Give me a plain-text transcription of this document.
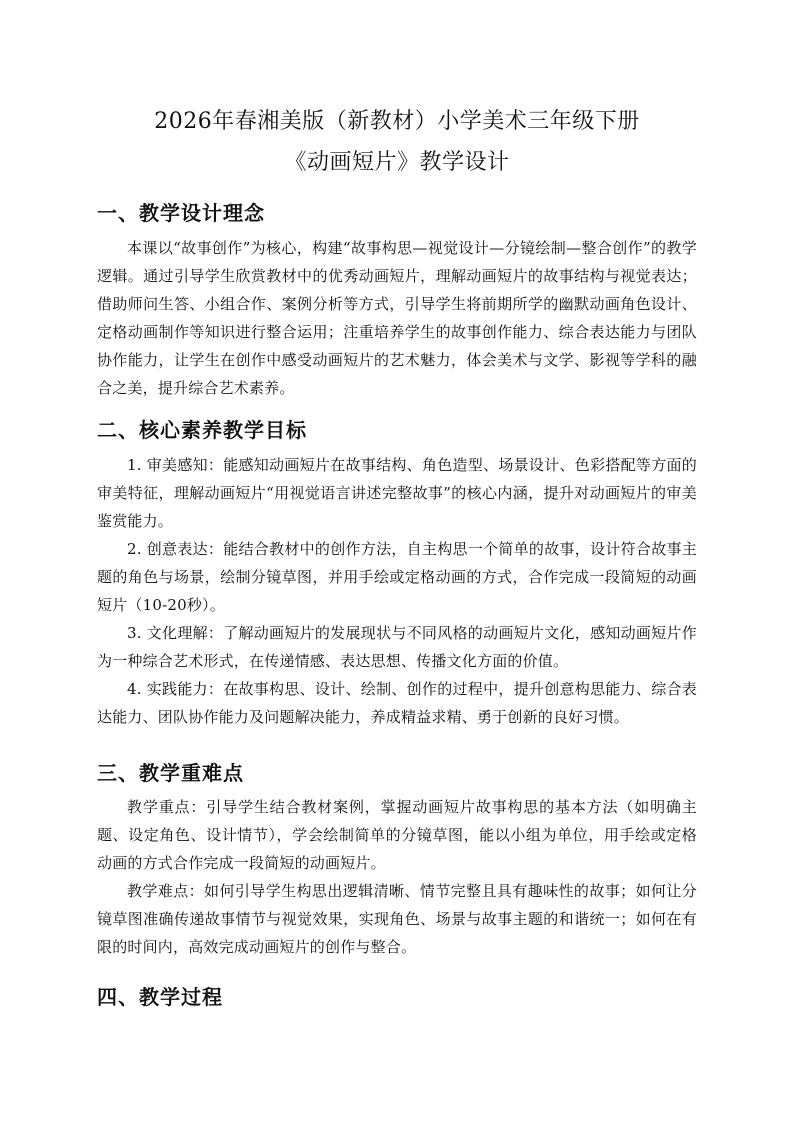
2026年春湘美版（新教材）小学美术三年级下册
《动画短片》教学设计
一、教学设计理念
本课以“故事创作”为核心，构建“故事构思—视觉设计—分镜绘制—整合创作”的教学逻辑。通过引导学生欣赏教材中的优秀动画短片，理解动画短片的故事结构与视觉表达；借助师问生答、小组合作、案例分析等方式，引导学生将前期所学的幽默动画角色设计、定格动画制作等知识进行整合运用；注重培养学生的故事创作能力、综合表达能力与团队协作能力，让学生在创作中感受动画短片的艺术魅力，体会美术与文学、影视等学科的融合之美，提升综合艺术素养。
二、核心素养教学目标
1. 审美感知：能感知动画短片在故事结构、角色造型、场景设计、色彩搭配等方面的审美特征，理解动画短片“用视觉语言讲述完整故事”的核心内涵，提升对动画短片的审美鉴赏能力。
2. 创意表达：能结合教材中的创作方法，自主构思一个简单的故事，设计符合故事主题的角色与场景，绘制分镜草图，并用手绘或定格动画的方式，合作完成一段简短的动画短片（10-20秒）。
3. 文化理解：了解动画短片的发展现状与不同风格的动画短片文化，感知动画短片作为一种综合艺术形式，在传递情感、表达思想、传播文化方面的价值。
4. 实践能力：在故事构思、设计、绘制、创作的过程中，提升创意构思能力、综合表达能力、团队协作能力及问题解决能力，养成精益求精、勇于创新的良好习惯。
三、教学重难点
教学重点：引导学生结合教材案例，掌握动画短片故事构思的基本方法（如明确主题、设定角色、设计情节），学会绘制简单的分镜草图，能以小组为单位，用手绘或定格动画的方式合作完成一段简短的动画短片。
教学难点：如何引导学生构思出逻辑清晰、情节完整且具有趣味性的故事；如何让分镜草图准确传递故事情节与视觉效果，实现角色、场景与故事主题的和谐统一；如何在有限的时间内，高效完成动画短片的创作与整合。
四、教学过程
